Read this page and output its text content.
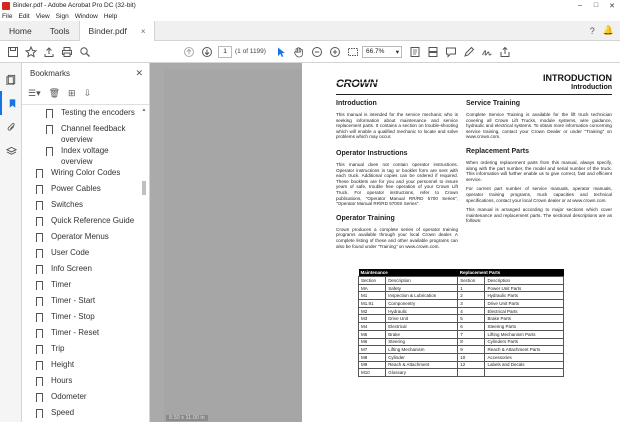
Binder.pdf - Adobe Acrobat Pro DC (32-bit)	–	□	✕
File Edit View Sign Window Help
Home	Tools	Binder.pdf ×	? 🔔
1	(1 of 1199)	66.7% ▾
Bookmarks	✕
☰▾ 🗑 ⊞ ⇩
Testing the encoders
Channel feedback overview
Index voltage overview
Wiring Color Codes
Power Cables
Switches
Quick Reference Guide
Operator Menus
User Code
Info Screen
Timer
Timer - Start
Timer - Stop
Timer - Reset
Trip
Height
Hours
Odometer
Speed
▲
8.50 x 11.00 in
CROWN	INTRODUCTION
Introduction
Introduction

This manual is intended for the service mechanic who is seeking information about maintenance and service replacement parts. It contains a section on trouble-shooting which will enable a qualified mechanic to locate and solve problems which may occur.

Operator Instructions

This manual does not contain operator instructions. Operator instructions in tag or booklet form are sent with each truck. Additional copies can be ordered if required. These booklets are for you and your personnel to insure years of safe, trouble free operation of your Crown Lift Truck. For operator instructions, refer to Crown publications, "Operator Manual RR/RD 5700 Series", "Operator Manual RR/RD 5700S Series".

Operator Training

Crown produces a complete series of operator training programs available through your local Crown dealer. A complete listing of these and other available programs can also be found under "Training" on www.crown.com.

Service Training

Complete Service Training is available for the lift truck technician covering all Crown Lift Trucks, module systems, wire guidance, hydraulic and electrical systems. To obtain more information concerning service training, contact your Crown Dealer or under "Training" on www.crown.com.

Replacement Parts

When ordering replacement parts from this manual, always specify, along with the part number, the model and serial number of the truck. This information will further enable us to give correct, fast and efficient service.

For current part number of service manuals, operator manuals, operator training programs, truck capacities and technical specifications, contact your local Crown dealer or at www.crown.com.

This manual is arranged according to major sections which cover maintenance and replacement parts. The sectional descriptions are as follows:

Maintenance		Replacement Parts	
Section	Description	Section	Description
MA	Safety	1	Power Unit Parts
M1	Inspection & Lubrication	2	Hydraulic Parts
M1.91	Componentry	3	Drive Unit Parts
M2	Hydraulic	4	Electrical Parts
M3	Drive Unit	5	Brake Parts
M4	Electrical	6	Steering Parts
M5	Brake	7	Lifting Mechanism Parts
M6	Steering	8	Cylinders Parts
M7	Lifting Mechanism	9	Reach & Attachment Parts
M8	Cylinder	10	Accessories
M9	Reach & Attachment	12	Labels and Decals
M10	Glossary		
